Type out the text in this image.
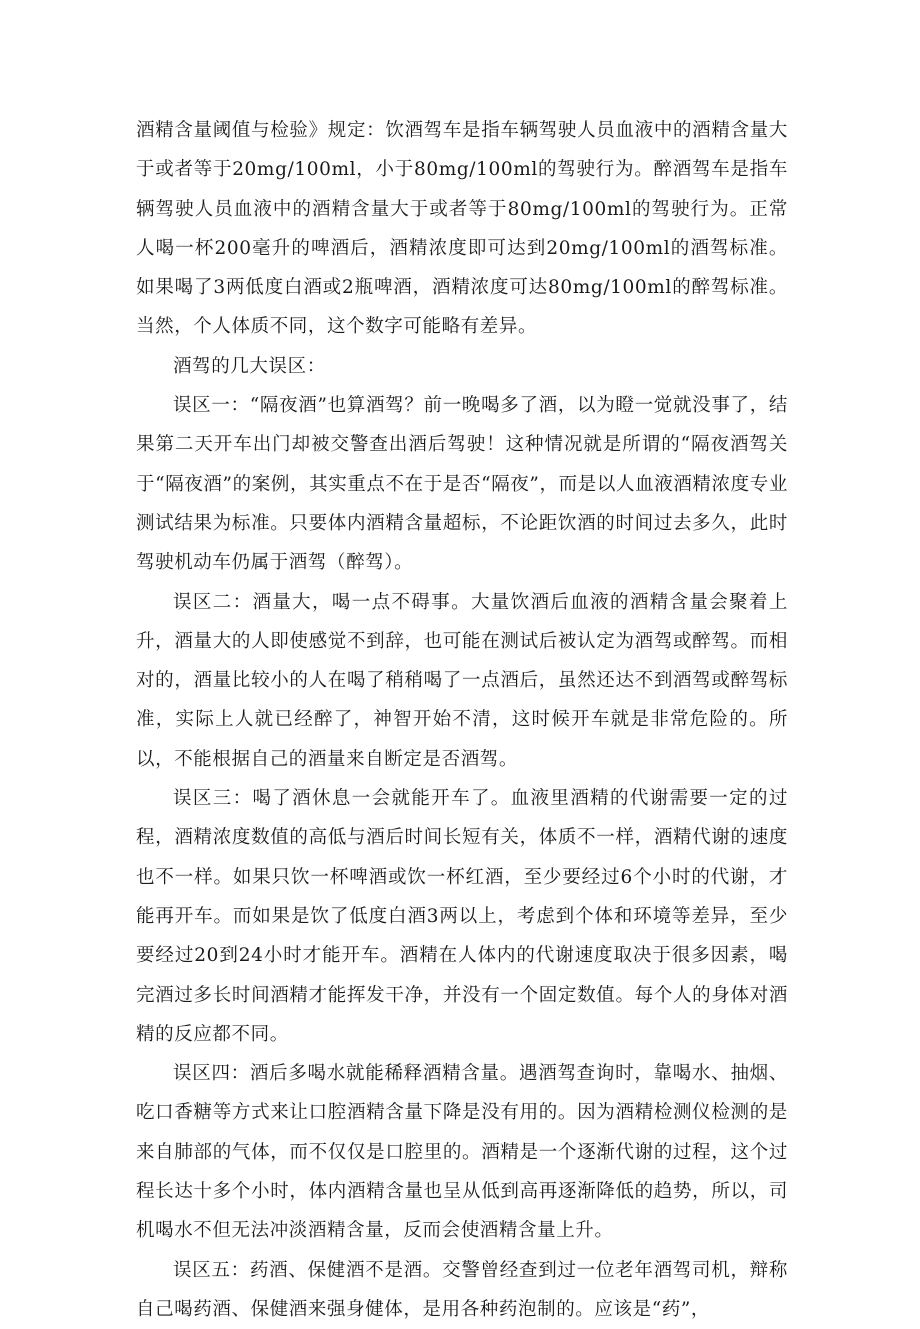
酒精含量阈值与检验》规定：饮酒驾车是指车辆驾驶人员血液中的酒精含量大于或者等于20mg/100ml，小于80mg/100ml的驾驶行为。醉酒驾车是指车辆驾驶人员血液中的酒精含量大于或者等于80mg/100ml的驾驶行为。正常人喝一杯200毫升的啤酒后，酒精浓度即可达到20mg/100ml的酒驾标准。如果喝了3两低度白酒或2瓶啤酒，酒精浓度可达80mg/100ml的醉驾标准。当然，个人体质不同，这个数字可能略有差异。

酒驾的几大误区：

误区一：“隔夜酒”也算酒驾？前一晚喝多了酒，以为瞪一觉就没事了，结果第二天开车出门却被交警查出酒后驾驶！这种情况就是所谓的“隔夜酒驾关于“隔夜酒”的案例，其实重点不在于是否“隔夜”，而是以人血液酒精浓度专业测试结果为标准。只要体内酒精含量超标，不论距饮酒的时间过去多久，此时驾驶机动车仍属于酒驾（醉驾）。

误区二：酒量大，喝一点不碍事。大量饮酒后血液的酒精含量会聚着上升，酒量大的人即使感觉不到辞，也可能在测试后被认定为酒驾或醉驾。而相对的，酒量比较小的人在喝了稍稍喝了一点酒后，虽然还达不到酒驾或醉驾标准，实际上人就已经醉了，神智开始不清，这时候开车就是非常危险的。所以，不能根据自己的酒量来自断定是否酒驾。

误区三：喝了酒休息一会就能开车了。血液里酒精的代谢需要一定的过程，酒精浓度数值的高低与酒后时间长短有关，体质不一样，酒精代谢的速度也不一样。如果只饮一杯啤酒或饮一杯红酒，至少要经过6个小时的代谢，才能再开车。而如果是饮了低度白酒3两以上，考虑到个体和环境等差异，至少要经过20到24小时才能开车。酒精在人体内的代谢速度取决于很多因素，喝完酒过多长时间酒精才能挥发干净，并没有一个固定数值。每个人的身体对酒精的反应都不同。

误区四：酒后多喝水就能稀释酒精含量。遇酒驾查询时，靠喝水、抽烟、吃口香糖等方式来让口腔酒精含量下降是没有用的。因为酒精检测仪检测的是来自肺部的气体，而不仅仅是口腔里的。酒精是一个逐渐代谢的过程，这个过程长达十多个小时，体内酒精含量也呈从低到高再逐渐降低的趋势，所以，司机喝水不但无法冲淡酒精含量，反而会使酒精含量上升。

误区五：药酒、保健酒不是酒。交警曾经查到过一位老年酒驾司机，辩称自己喝药酒、保健酒来强身健体，是用各种药泡制的。应该是“药”，
